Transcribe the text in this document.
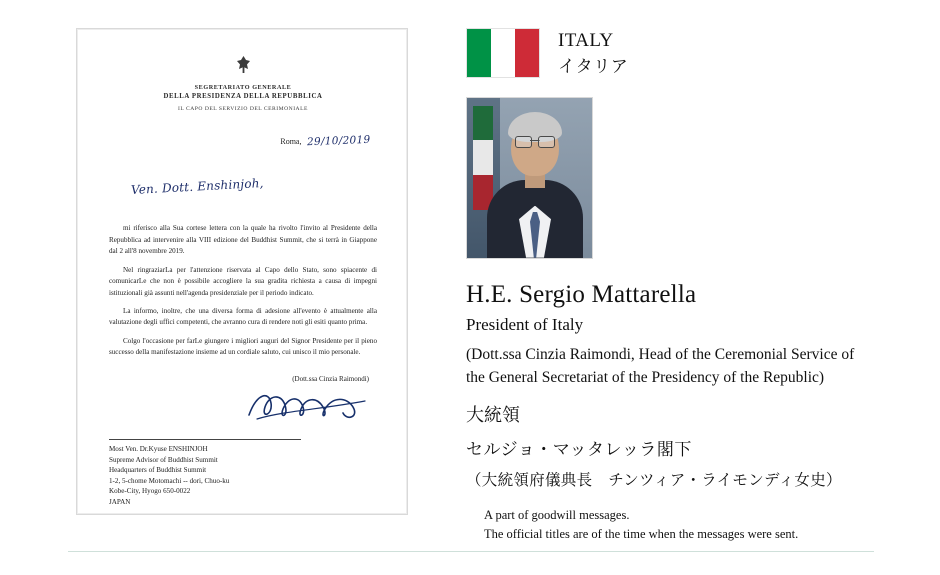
SEGRETARIATO GENERALE
DELLA PRESIDENZA DELLA REPUBBLICA
IL CAPO DEL SERVIZIO DEL CERIMONIALE
Roma, 29/10/2019
Ven. Dott. Enshinjoh,

mi riferisco alla Sua cortese lettera con la quale ha rivolto l'invito al Presidente della Repubblica ad intervenire alla VIII edizione del Buddhist Summit, che si terrà in Giappone dal 2 all'8 novembre 2019.

Nel ringraziarLa per l'attenzione riservata al Capo dello Stato, sono spiacente di comunicarLe che non è possibile accogliere la sua gradita richiesta a causa di impegni istituzionali già assunti nell'agenda presidenziale per il periodo indicato.

La informo, inoltre, che una diversa forma di adesione all'evento è attualmente alla valutazione degli uffici competenti, che avranno cura di rendere noti gli esiti quanto prima.

Colgo l'occasione per farLe giungere i migliori auguri del Signor Presidente per il pieno successo della manifestazione insieme ad un cordiale saluto, cui unisco il mio personale.

(Dott.ssa Cinzia Raimondi)
Most Ven. Dr.Kyuse ENSHINJOH
Supreme Advisor of Buddhist Summit
Headquarters of Buddhist Summit
1-2, 5-chome Motomachi -- dori, Chuo-ku
Kobe-City, Hyogo 650-0022
JAPAN
ITALY
イタリア
H.E. Sergio Mattarella
President of Italy
(Dott.ssa Cinzia Raimondi, Head of the Ceremonial Service of the General Secretariat of the Presidency of the Republic)
大統領
セルジョ・マッタレッラ閣下
（大統領府儀典長　チンツィア・ライモンディ女史）
A part of goodwill messages.
The official titles are of the time when the messages were sent.
